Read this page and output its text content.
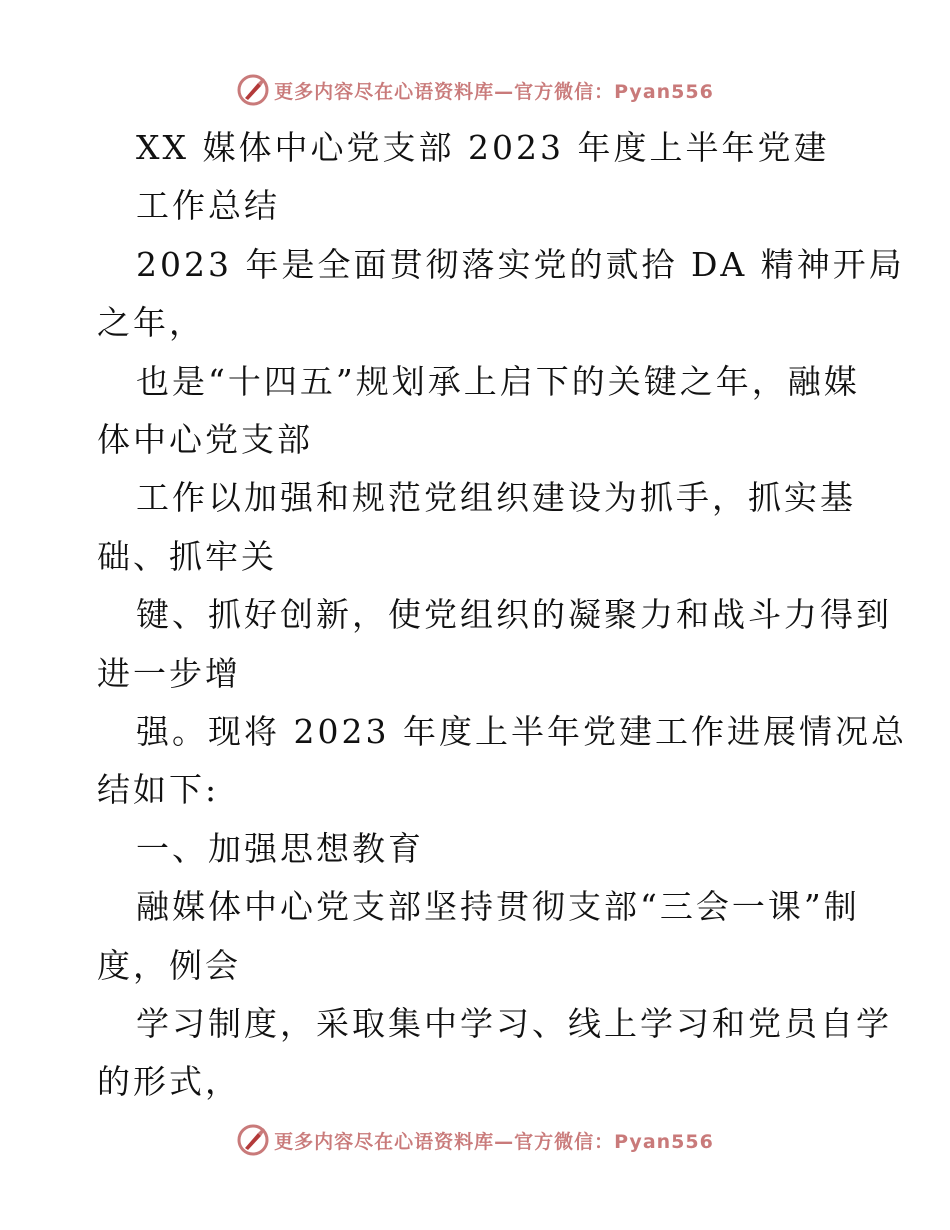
更多内容尽在心语资料库—官方微信：Pyan556
XX 媒体中心党支部 2023 年度上半年党建
工作总结
2023 年是全面贯彻落实党的贰拾 DA 精神开局
之年，
也是“十四五”规划承上启下的关键之年，融媒
体中心党支部
工作以加强和规范党组织建设为抓手，抓实基
础、抓牢关
键、抓好创新，使党组织的凝聚力和战斗力得到
进一步增
强。现将 2023 年度上半年党建工作进展情况总
结如下:
一、加强思想教育
融媒体中心党支部坚持贯彻支部“三会一课”制
度，例会
学习制度，采取集中学习、线上学习和党员自学
的形式，
更多内容尽在心语资料库—官方微信：Pyan556
